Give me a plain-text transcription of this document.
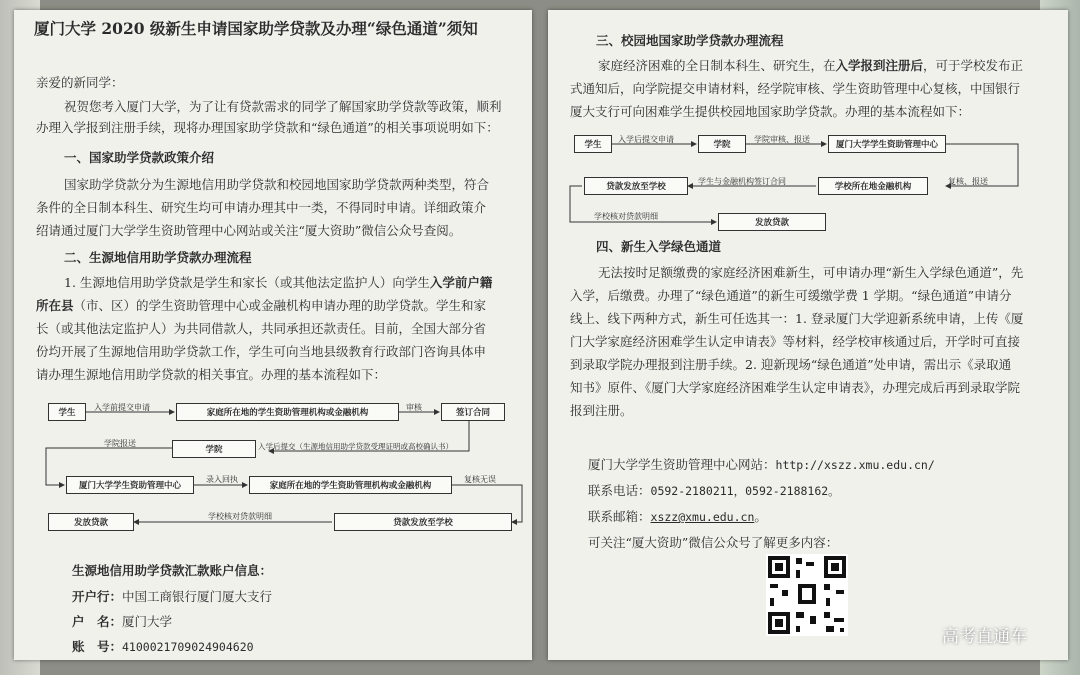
厦门大学 2020 级新生申请国家助学贷款及办理“绿色通道”须知
亲爱的新同学：
祝贺您考入厦门大学，为了让有贷款需求的同学了解国家助学贷款等政策，顺利
办理入学报到注册手续，现将办理国家助学贷款和“绿色通道”的相关事项说明如下：
一、国家助学贷款政策介绍
国家助学贷款分为生源地信用助学贷款和校园地国家助学贷款两种类型，符合
条件的全日制本科生、研究生均可申请办理其中一类，不得同时申请。详细政策介
绍请通过厦门大学学生资助管理中心网站或关注“厦大资助”微信公众号查阅。
二、生源地信用助学贷款办理流程
1. 生源地信用助学贷款是学生和家长（或其他法定监护人）向学生入学前户籍
所在县（市、区）的学生资助管理中心或金融机构申请办理的助学贷款。学生和家
长（或其他法定监护人）为共同借款人，共同承担还款责任。目前，全国大部分省
份均开展了生源地信用助学贷款工作，学生可向当地县级教育行政部门咨询具体申
请办理生源地信用助学贷款的相关事宜。办理的基本流程如下：
学生
入学前提交申请
家庭所在地的学生资助管理机构或金融机构
审核
签订合同
学院报送
学院	入学后提交（生源地信用助学贷款受理证明或高校确认书）
厦门大学学生资助管理中心
录入回执
家庭所在地的学生资助管理机构或金融机构
复核无误
发放贷款
学校核对贷款明细
贷款发放至学校
生源地信用助学贷款汇款账户信息：
开户行： 中国工商银行厦门厦大支行
户　名： 厦门大学
账　号： 4100021709024904620
三、校园地国家助学贷款办理流程
家庭经济困难的全日制本科生、研究生，在入学报到注册后，可于学校发布正
式通知后，向学院提交申请材料，经学院审核、学生资助管理中心复核，中国银行
厦大支行可向困难学生提供校园地国家助学贷款。办理的基本流程如下：
学生
入学后提交申请
学院
学院审核、报送
厦门大学学生资助管理中心
贷款发放至学校
学生与金融机构签订合同
学校所在地金融机构
复核、报送
学校核对贷款明细
发放贷款
四、新生入学绿色通道
无法按时足额缴费的家庭经济困难新生，可申请办理“新生入学绿色通道”，先
入学，后缴费。办理了“绿色通道”的新生可缓缴学费 1 学期。“绿色通道”申请分
线上、线下两种方式，新生可任选其一：1. 登录厦门大学迎新系统申请，上传《厦
门大学家庭经济困难学生认定申请表》等材料，经学校审核通过后，开学时可直接
到录取学院办理报到注册手续。2. 迎新现场“绿色通道”处申请，需出示《录取通
知书》原件、《厦门大学家庭经济困难学生认定申请表》，办理完成后再到录取学院
报到注册。
厦门大学学生资助管理中心网站：http://xszz.xmu.edu.cn/
联系电话：0592-2180211，0592-2188162。
联系邮箱：xszz@xmu.edu.cn。
可关注“厦大资助”微信公众号了解更多内容：
高考直通车
